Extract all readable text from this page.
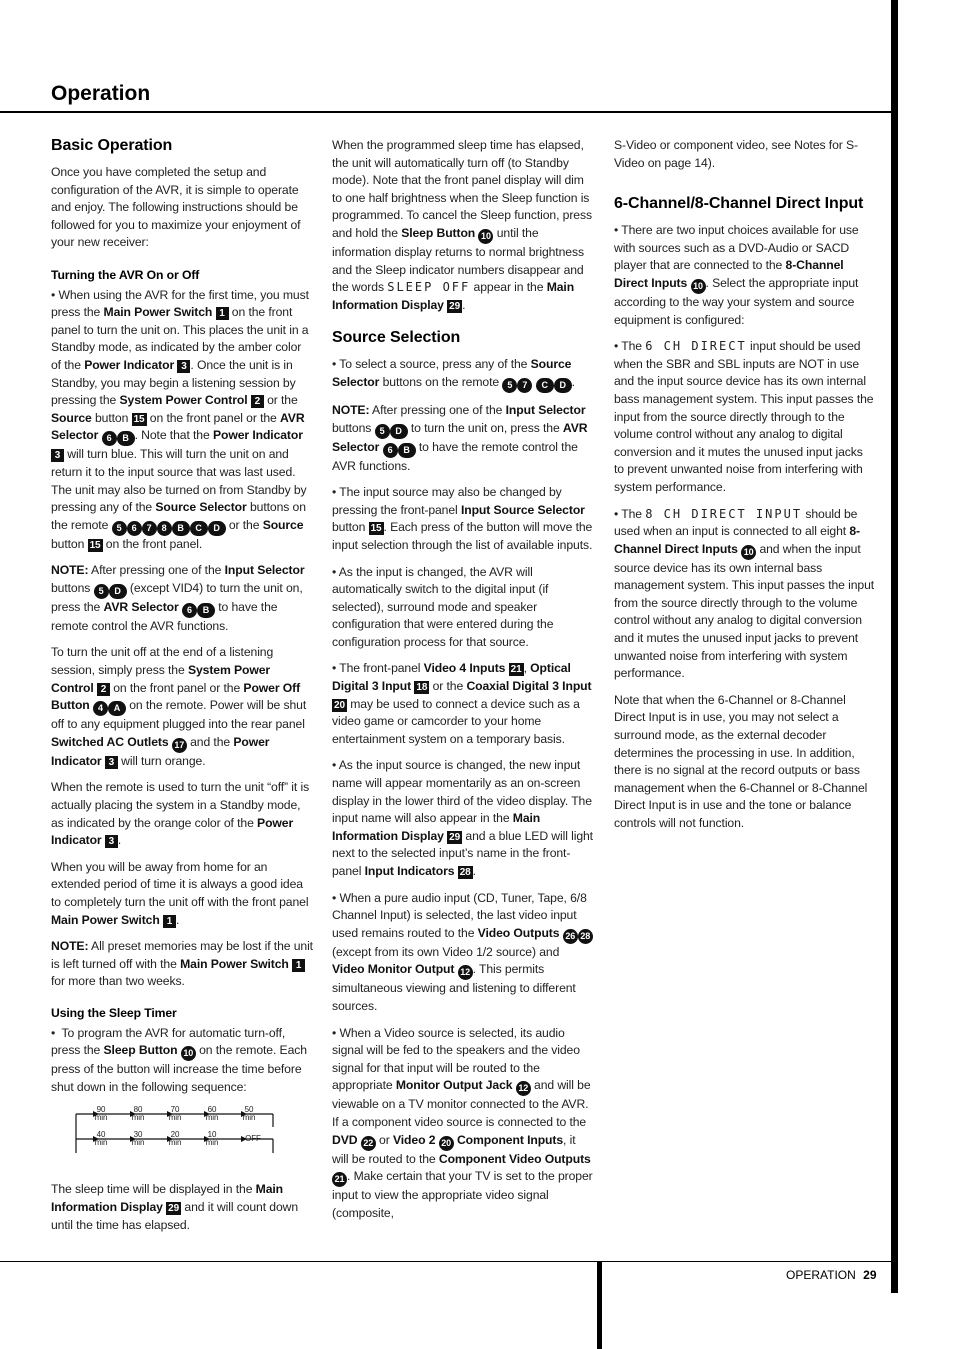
Operation
Basic Operation

Once you have completed the setup and configuration of the AVR, it is simple to operate and enjoy. The following instructions should be followed for you to maximize your enjoyment of your new receiver:

Turning the AVR On or Off
• When using the AVR for the first time, you must press the Main Power Switch 1 on the front panel to turn the unit on. This places the unit in a Standby mode, as indicated by the amber color of the Power Indicator 3 . Once the unit is in Standby, you may begin a listening session by pressing the System Power Control 2 or the Source button 15 on the front panel or the AVR Selector 6 B . Note that the Power Indicator 3 will turn blue. This will turn the unit on and return it to the input source that was last used. The unit may also be turned on from Standby by pressing any of the Source Selector buttons on the remote 5 6 7 8 B C D or the Source button 15 on the front panel.

NOTE: After pressing one of the Input Selector buttons 5 D (except VID4) to turn the unit on, press the AVR Selector 6 B to have the remote control the AVR functions.

To turn the unit off at the end of a listening session, simply press the System Power Control 2 on the front panel or the Power Off Button 4 A on the remote. Power will be shut off to any equipment plugged into the rear panel Switched AC Outlets 17 and the Power Indicator 3 will turn orange.

When the remote is used to turn the unit “off” it is actually placing the system in a Standby mode, as indicated by the orange color of the Power Indicator 3 .

When you will be away from home for an extended period of time it is always a good idea to completely turn the unit off with the front panel Main Power Switch 1 .

NOTE: All preset memories may be lost if the unit is left turned off with the Main Power Switch 1 for more than two weeks.

Using the Sleep Timer
•  To program the AVR for automatic turn-off, press the Sleep Button 10 on the remote. Each press of the button will increase the time before shut down in the following sequence:

90 min
80 min
70 min
60 min
50 min
40 min
30 min
20 min
10 min	OFF

The sleep time will be displayed in the Main Information Display 29 and it will count down until the time has elapsed.

When the programmed sleep time has elapsed, the unit will automatically turn off (to Standby mode). Note that the front panel display will dim to one half brightness when the Sleep function is programmed. To cancel the Sleep function, press and hold the Sleep Button 10 until the information display returns to normal brightness and the Sleep indicator numbers disappear and the words SLEEP OFF appear in the Main Information Display 29 .

Source Selection

• To select a source, press any of the Source Selector buttons on the remote 5 7 C D .

NOTE: After pressing one of the Input Selector buttons 5 D to turn the unit on, press the AVR Selector 6 B to have the remote control the AVR functions.

• The input source may also be changed by pressing the front-panel Input Source Selector button 15 . Each press of the button will move the input selection through the list of available inputs.

• As the input is changed, the AVR will automatically switch to the digital input (if selected), surround mode and speaker configuration that were entered during the configuration process for that source.

• The front-panel Video 4 Inputs 21 , Optical Digital 3 Input 18 or the Coaxial Digital 3 Input 20 may be used to connect a device such as a video game or camcorder to your home entertainment system on a temporary basis.

• As the input source is changed, the new input name will appear momentarily as an on-screen display in the lower third of the video display. The input name will also appear in the Main Information Display 29 and a blue LED will light next to the selected input’s name in the front-panel Input Indicators 28 .

• When a pure audio input (CD, Tuner, Tape, 6/8 Channel Input) is selected, the last video input used remains routed to the Video Outputs 26 28 (except from its own Video 1/2 source) and Video Monitor Output 12 . This permits simultaneous viewing and listening to different sources.

• When a Video source is selected, its audio signal will be fed to the speakers and the video signal for that input will be routed to the appropriate Monitor Output Jack 12 and will be viewable on a TV monitor connected to the AVR. If a component video source is connected to the DVD 22 or Video 2 20 Component Inputs, it will be routed to the Component Video Outputs 21 . Make certain that your TV is set to the proper input to view the appropriate video signal (composite,

S-Video or component video, see Notes for S-Video on page 14).

6-Channel/8-Channel Direct Input

• There are two input choices available for use with sources such as a DVD-Audio or SACD player that are connected to the 8-Channel Direct Inputs 10 . Select the appropriate input according to the way your system and source equipment is configured:

• The 6 CH DIRECT input should be used when the SBR and SBL inputs are NOT in use and the input source device has its own internal bass management system. This input passes the input from the source directly through to the volume control without any analog to digital conversion and it mutes the unused input jacks to prevent unwanted noise from interfering with system performance.

• The 8 CH DIRECT INPUT should be used when an input is connected to all eight 8-Channel Direct Inputs 10 and when the input source device has its own internal bass management system. This input passes the input from the source directly through to the volume control without any analog to digital conversion and it mutes the unused input jacks to prevent unwanted noise from interfering with system performance.

Note that when the 6-Channel or 8-Channel Direct Input is in use, you may not select a surround mode, as the external decoder determines the processing in use. In addition, there is no signal at the record outputs or bass management when the 6-Channel or 8-Channel Direct Input is in use and the tone or balance controls will not function.

OPERATION 29
